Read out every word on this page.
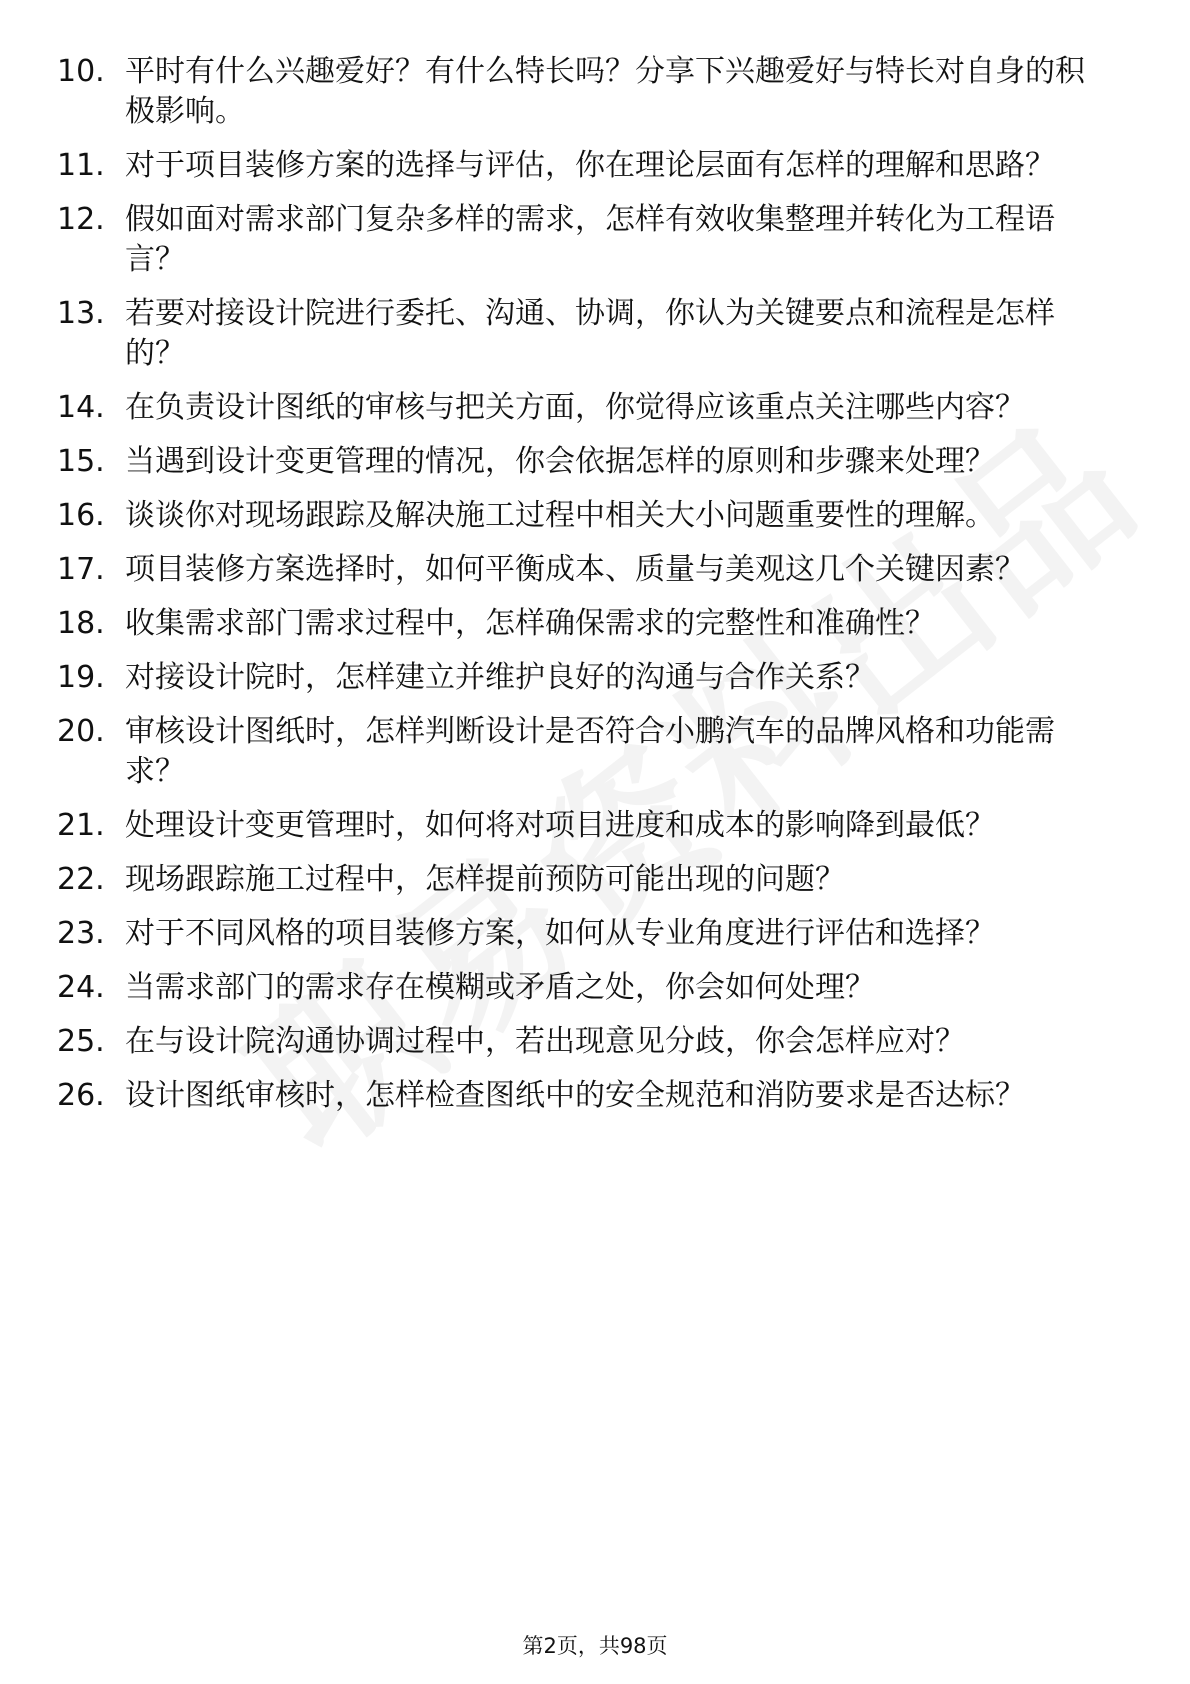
10. 平时有什么兴趣爱好？有什么特长吗？分享下兴趣爱好与特长对自身的积极影响。
11. 对于项目装修方案的选择与评估，你在理论层面有怎样的理解和思路？
12. 假如面对需求部门复杂多样的需求，怎样有效收集整理并转化为工程语言？
13. 若要对接设计院进行委托、沟通、协调，你认为关键要点和流程是怎样的？
14. 在负责设计图纸的审核与把关方面，你觉得应该重点关注哪些内容？
15. 当遇到设计变更管理的情况，你会依据怎样的原则和步骤来处理？
16. 谈谈你对现场跟踪及解决施工过程中相关大小问题重要性的理解。
17. 项目装修方案选择时，如何平衡成本、质量与美观这几个关键因素？
18. 收集需求部门需求过程中，怎样确保需求的完整性和准确性？
19. 对接设计院时，怎样建立并维护良好的沟通与合作关系？
20. 审核设计图纸时，怎样判断设计是否符合小鹏汽车的品牌风格和功能需求？
21. 处理设计变更管理时，如何将对项目进度和成本的影响降到最低？
22. 现场跟踪施工过程中，怎样提前预防可能出现的问题？
23. 对于不同风格的项目装修方案，如何从专业角度进行评估和选择？
24. 当需求部门的需求存在模糊或矛盾之处，你会如何处理？
25. 在与设计院沟通协调过程中，若出现意见分歧，你会怎样应对？
26. 设计图纸审核时，怎样检查图纸中的安全规范和消防要求是否达标？
第2页，共98页
